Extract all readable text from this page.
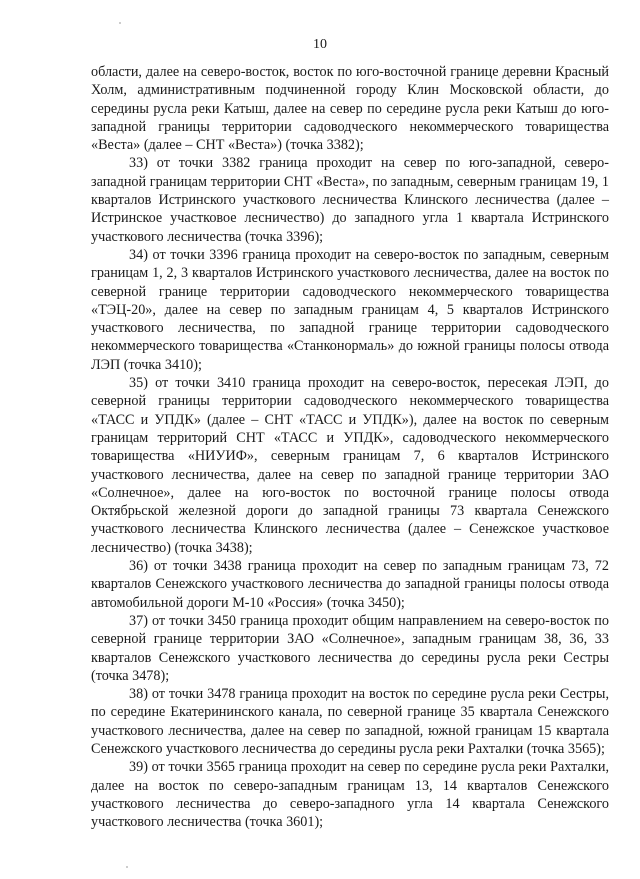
10

области, далее на северо-восток, восток по юго-восточной границе деревни Красный Холм, административным подчиненной городу Клин Московской области, до середины русла реки Катыш, далее на север по середине русла реки Катыш до юго-западной границы территории садоводческого некоммерческого товарищества «Веста» (далее – СНТ «Веста») (точка 3382);

33) от точки 3382 граница проходит на север по юго-западной, северо-западной границам территории СНТ «Веста», по западным, северным границам 19, 1 кварталов Истринского участкового лесничества Клинского лесничества (далее – Истринское участковое лесничество) до западного угла 1 квартала Истринского участкового лесничества (точка 3396);

34) от точки 3396 граница проходит на северо-восток по западным, северным границам 1, 2, 3 кварталов Истринского участкового лесничества, далее на восток по северной границе территории садоводческого некоммерческого товарищества «ТЭЦ-20», далее на север по западным границам 4, 5 кварталов Истринского участкового лесничества, по западной границе территории садоводческого некоммерческого товарищества «Станконормаль» до южной границы полосы отвода ЛЭП (точка 3410);

35) от точки 3410 граница проходит на северо-восток, пересекая ЛЭП, до северной границы территории садоводческого некоммерческого товарищества «ТАСС и УПДК» (далее – СНТ «ТАСС и УПДК»), далее на восток по северным границам территорий СНТ «ТАСС и УПДК», садоводческого некоммерческого товарищества «НИУИФ», северным границам 7, 6 кварталов Истринского участкового лесничества, далее на север по западной границе территории ЗАО «Солнечное», далее на юго-восток по восточной границе полосы отвода Октябрьской железной дороги до западной границы 73 квартала Сенежского участкового лесничества Клинского лесничества (далее – Сенежское участковое лесничество) (точка 3438);

36) от точки 3438 граница проходит на север по западным границам 73, 72 кварталов Сенежского участкового лесничества до западной границы полосы отвода автомобильной дороги М-10 «Россия» (точка 3450);

37) от точки 3450 граница проходит общим направлением на северо-восток по северной границе территории ЗАО «Солнечное», западным границам 38, 36, 33 кварталов Сенежского участкового лесничества до середины русла реки Сестры (точка 3478);

38) от точки 3478 граница проходит на восток по середине русла реки Сестры, по середине Екатерининского канала, по северной границе 35 квартала Сенежского участкового лесничества, далее на север по западной, южной границам 15 квартала Сенежского участкового лесничества до середины русла реки Рахталки (точка 3565);

39) от точки 3565 граница проходит на север по середине русла реки Рахталки, далее на восток по северо-западным границам 13, 14 кварталов Сенежского участкового лесничества до северо-западного угла 14 квартала Сенежского участкового лесничества (точка 3601);
